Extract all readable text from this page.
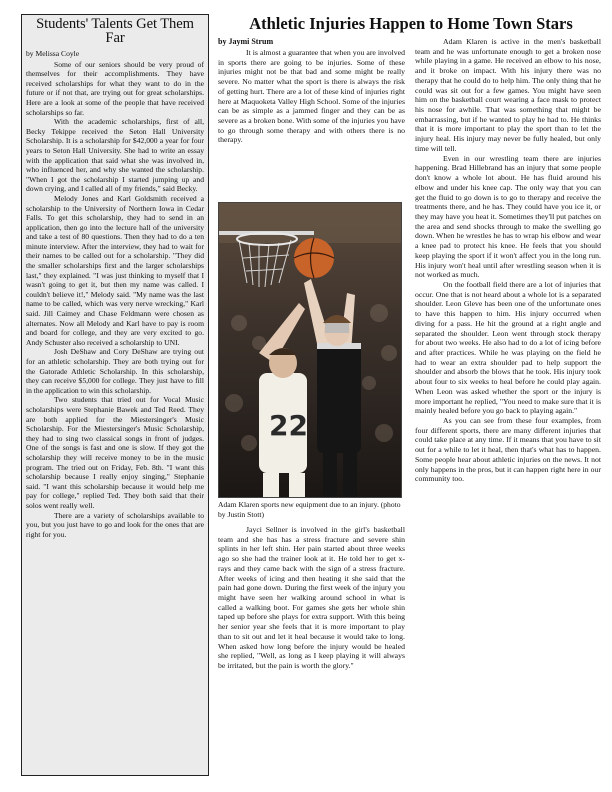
Students' Talents Get Them Far
by Melissa Coyle

Some of our seniors should be very proud of themselves for their accomplishments. They have received scholarships for what they want to do in the future or if not that, are trying out for great scholarships. Here are a look at some of the people that have received scholarships so far.

With the academic scholarships, first of all, Becky Tekippe received the Seton Hall University Scholarship. It is a scholarship for $42,000 a year for four years to Seton Hall University. She had to write an essay with the application that said what she was involved in, who influenced her, and why she wanted the scholarship. "When I got the scholarship I started jumping up and down crying, and I called all of my friends," said Becky.

Melody Jones and Karl Goldsmith received a scholarship to the University of Northern Iowa in Cedar Falls. To get this scholarship, they had to send in an application, then go into the lecture hall of the university and take a test of 80 questions. Then they had to do a ten minute interview. After the interview, they had to wait for their names to be called out for a scholarship. "They did the smaller scholarships first and the larger scholarships last," they explained. "I was just thinking to myself that I wasn't going to get it, but then my name was called. I couldn't believe it!," Melody said. "My name was the last name to be called, which was very nerve wrecking," Karl said. Jill Caimey and Chase Feldmann were chosen as alternates. Now all Melody and Karl have to pay is room and board for college, and they are very excited to go. Andy Schuster also received a scholarship to UNI.

Josh DeShaw and Cory DeShaw are trying out for an athletic scholarship. They are both trying out for the Gatorade Athletic Scholarship. In this scholarship, they can receive $5,000 for college. They just have to fill in the application to win this scholarship.

Two students that tried out for Vocal Music scholarships were Stephanie Bawek and Ted Reed. They are both applied for the Miestersinger's Music Scholarship. For the Miestersinger's Music Scholarship, they had to sing two classical songs in front of judges. One of the songs is fast and one is slow. If they got the scholarship they will receive money to be in the music program. The tried out on Friday, Feb. 8th. "I want this scholarship because I really enjoy singing," Stephanie said. "I want this scholarship because it would help me pay for college," replied Ted. They both said that their solos went really well.

There are a variety of scholarships available to you, but you just have to go and look for the ones that are right for you.

Athletic Injuries Happen to Home Town Stars
by Jaymi Strum

It is almost a guarantee that when you are involved in sports there are going to be injuries. Some of these injuries might not be that bad and some might be really severe. No matter what the sport is there is always the risk of getting hurt. There are a lot of these kind of injuries right here at Maquoketa Valley High School. Some of the injuries can be as simple as a jammed finger and they can be as severe as a broken bone. With some of the injuries you have to go through some therapy and with others there is no therapy.

22
Adam Klaren sports new equipment due to an injury. (photo by Justin Stott)

Jayci Sellner is involved in the girl's basketball team and she has has a stress fracture and severe shin splints in her left shin. Her pain started about three weeks ago so she had the trainer look at it. He told her to get x-rays and they came back with the sign of a stress fracture. After weeks of icing and then heating it she said that the pain had gone down. During the first week of the injury you might have seen her walking around school in what is called a walking boot. For games she gets her whole shin taped up before she plays for extra support. With this being her senior year she feels that it is more important to play than to sit out and let it heal because it would take to long. When asked how long before the injury would be healed she replied, "Well, as long as I keep playing it will always be irritated, but the pain is worth the glory."

Adam Klaren is active in the men's basketball team and he was unfortunate enough to get a broken nose while playing in a game. He received an elbow to his nose, and it broke on impact. With his injury there was no therapy that he could do to help him. The only thing that he could was sit out for a few games. You might have seen him on the basketball court wearing a face mask to protect his nose for awhile. That was something that might be embarrassing, but if he wanted to play he had to. He thinks that it is more important to play the sport than to let the injury heal. His injury may never be fully healed, but only time will tell.

Even in our wrestling team there are injuries happening. Brad Hillebrand has an injury that some people don't know a whole lot about. He has fluid around his elbow and under his knee cap. The only way that you can get the fluid to go down is to go to therapy and receive the treatments there, and he has. They could have you ice it, or they may have you heat it. Sometimes they'll put patches on the area and send shocks through to make the swelling go down. When he wrestles he has to wrap his elbow and wear a knee pad to protect his knee. He feels that you should keep playing the sport if it won't affect you in the long run. His injury won't heal until after wrestling season when it is not worked as much.

On the football field there are a lot of injuries that occur. One that is not heard about a whole lot is a separated shoulder. Leon Gleve has been one of the unfortunate ones to have this happen to him. His injury occurred when diving for a pass. He hit the ground at a right angle and separated the shoulder. Leon went through stock therapy for about two weeks. He also had to do a lot of icing before and after practices. While he was playing on the field he had to wear an extra shoulder pad to help support the shoulder and absorb the blows that he took. His injury took about four to six weeks to heal before he could play again. When Leon was asked whether the sport or the injury is more important he replied, "You need to make sure that it is mainly healed before you go back to playing again."

As you can see from these four examples, from four different sports, there are many different injuries that could take place at any time. If it means that you have to sit out for a while to let it heal, then that's what has to happen. Some people hear about athletic injuries on the news. It not only happens in the pros, but it can happen right here in our community too.
